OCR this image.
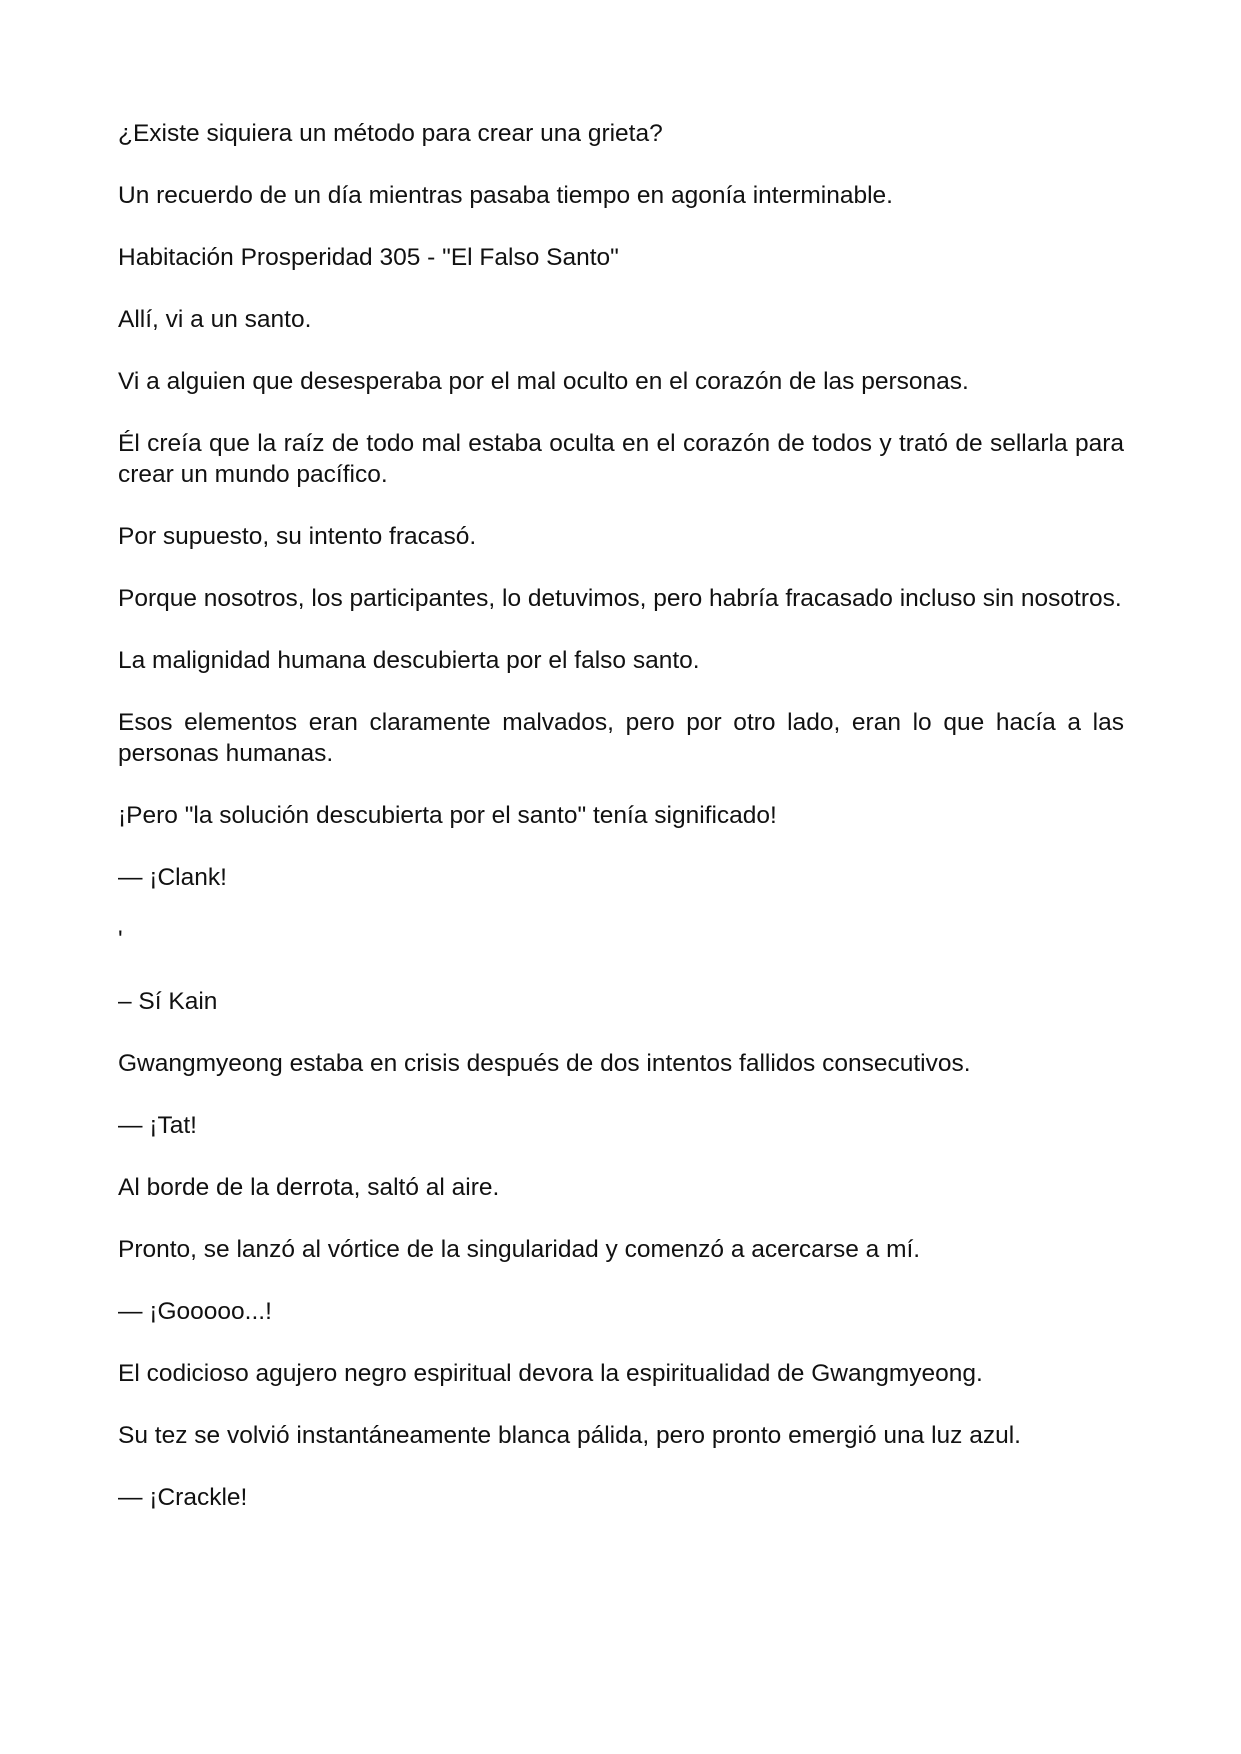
¿Existe siquiera un método para crear una grieta?

Un recuerdo de un día mientras pasaba tiempo en agonía interminable.

Habitación Prosperidad 305 - "El Falso Santo"

Allí, vi a un santo.

Vi a alguien que desesperaba por el mal oculto en el corazón de las personas.

Él creía que la raíz de todo mal estaba oculta en el corazón de todos y trató de sellarla para crear un mundo pacífico.

Por supuesto, su intento fracasó.

Porque nosotros, los participantes, lo detuvimos, pero habría fracasado incluso sin nosotros.

La malignidad humana descubierta por el falso santo.

Esos elementos eran claramente malvados, pero por otro lado, eran lo que hacía a las personas humanas.

¡Pero "la solución descubierta por el santo" tenía significado!

— ¡Clank!

'

– Sí Kain

Gwangmyeong estaba en crisis después de dos intentos fallidos consecutivos.

— ¡Tat!

Al borde de la derrota, saltó al aire.

Pronto, se lanzó al vórtice de la singularidad y comenzó a acercarse a mí.

— ¡Gooooo...!

El codicioso agujero negro espiritual devora la espiritualidad de Gwangmyeong.

Su tez se volvió instantáneamente blanca pálida, pero pronto emergió una luz azul.

— ¡Crackle!
